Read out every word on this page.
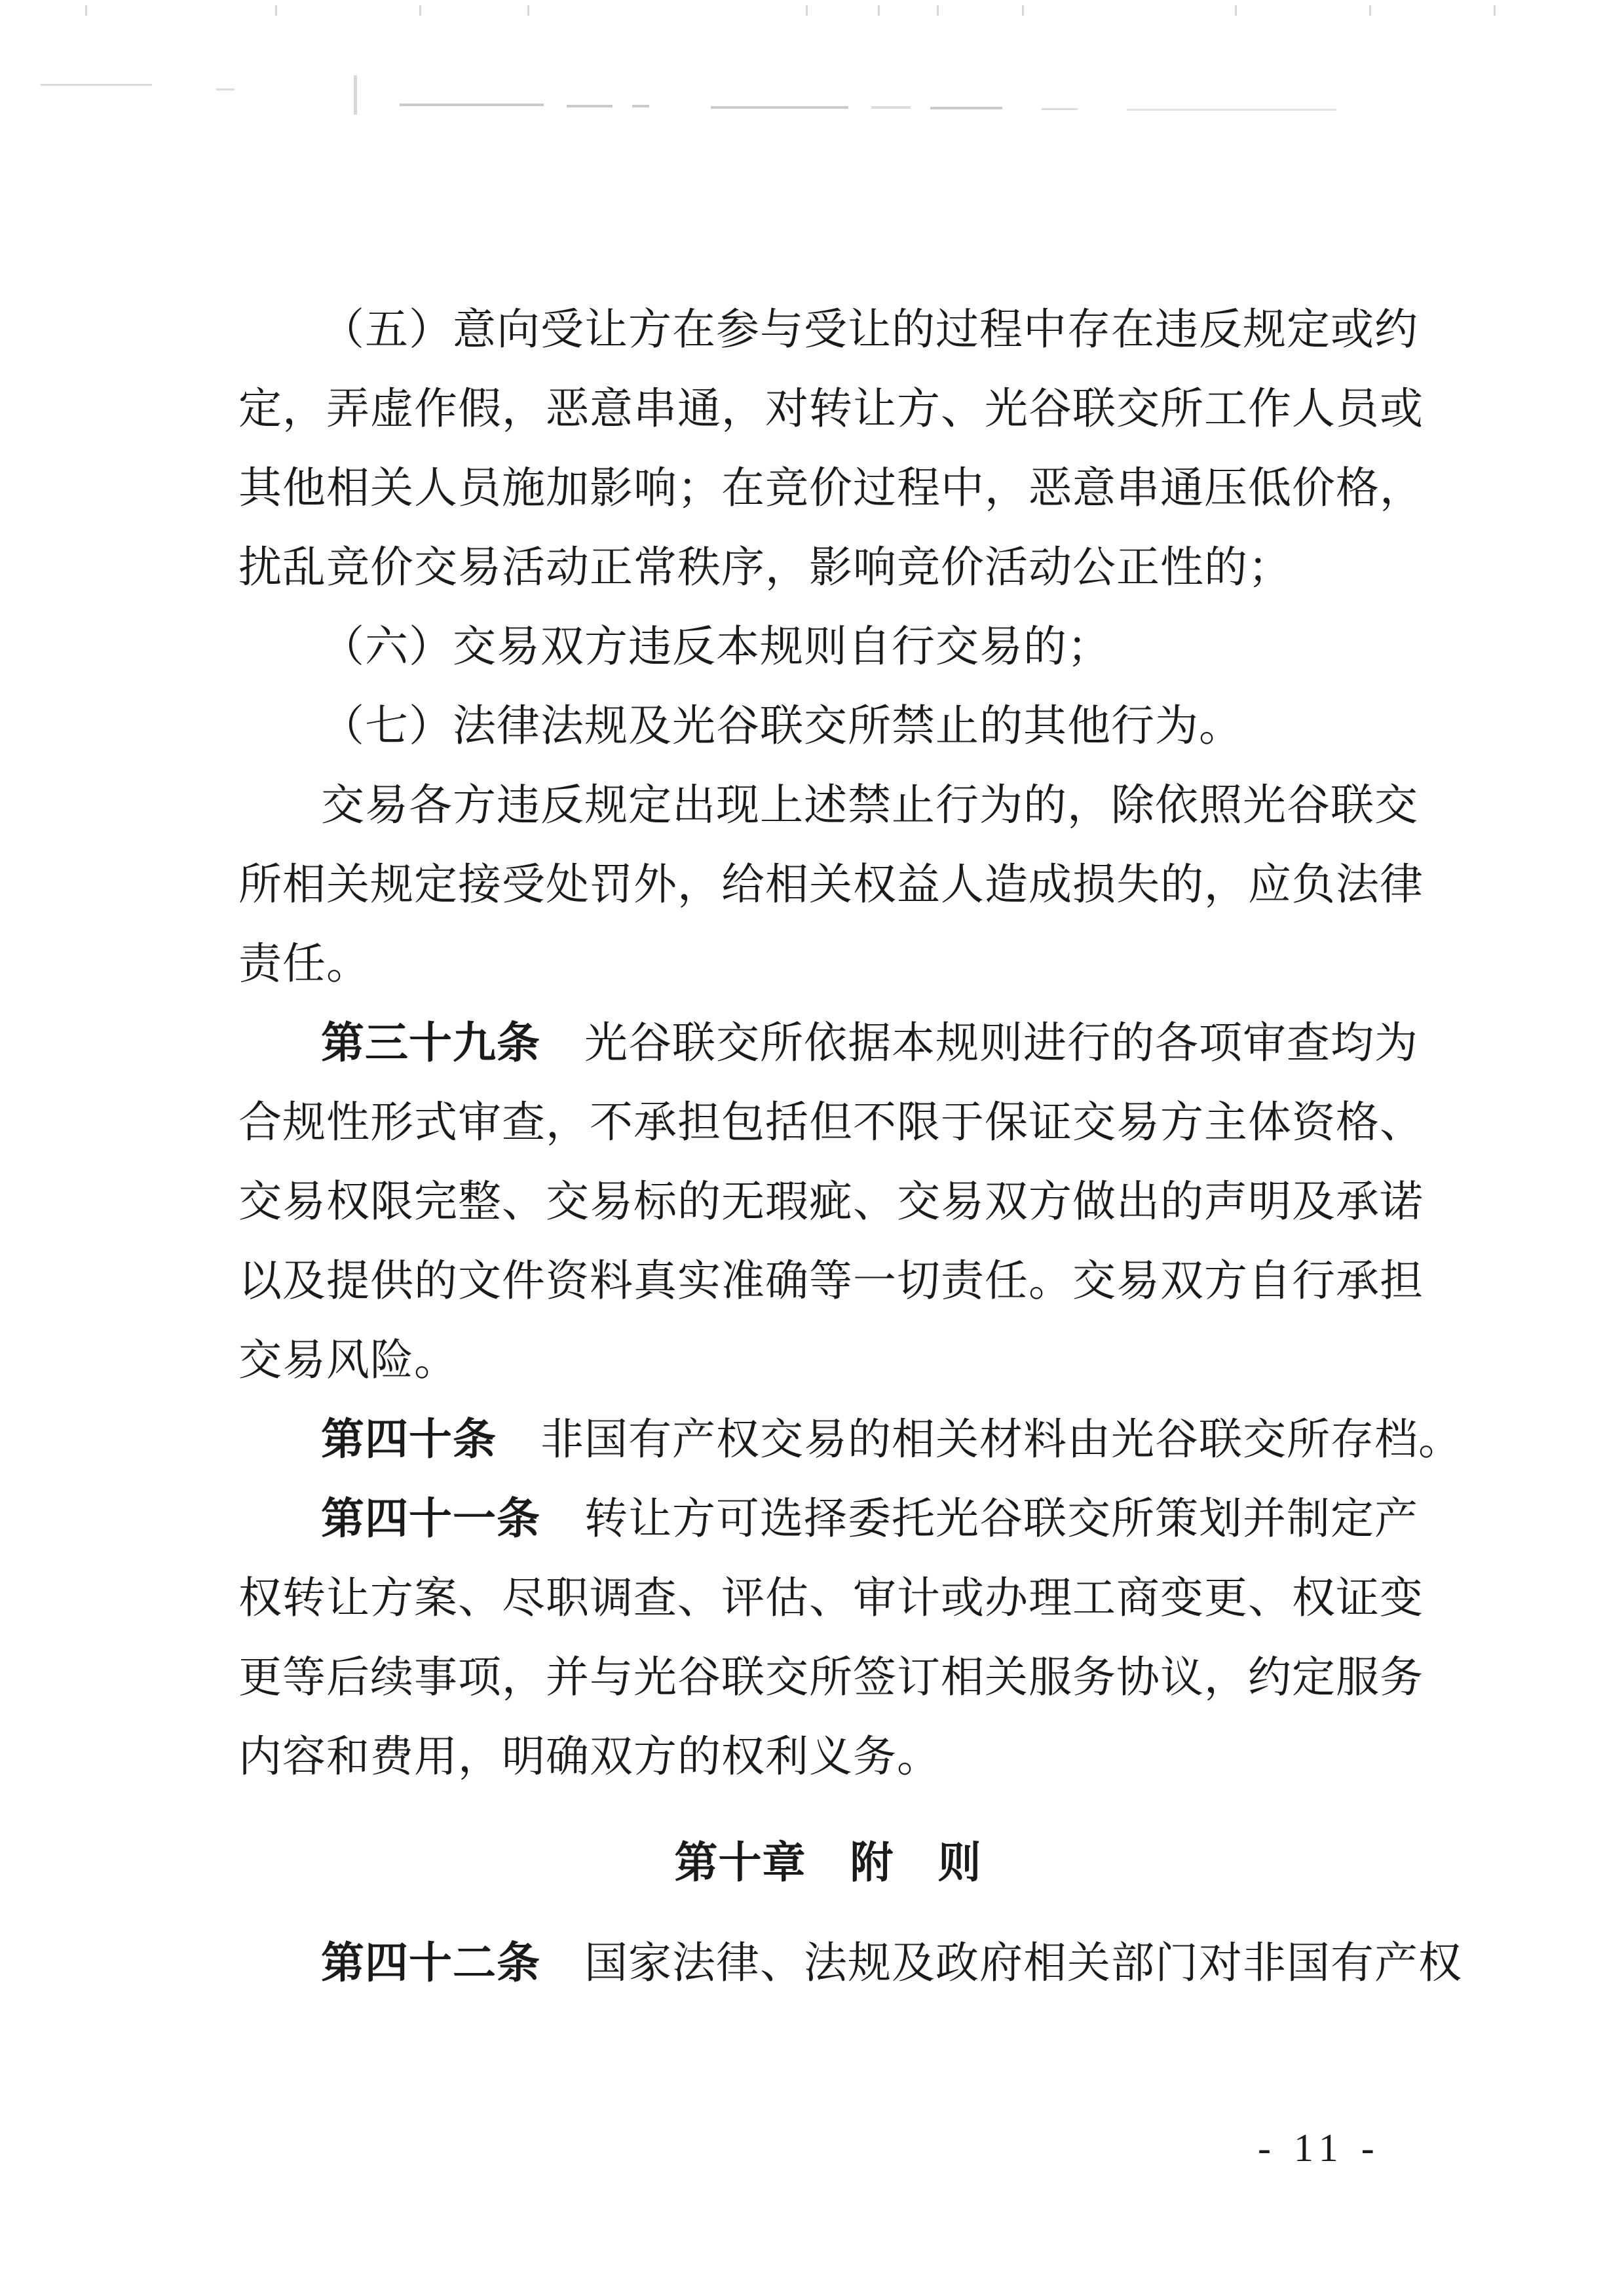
（五）意向受让方在参与受让的过程中存在违反规定或约
定，弄虚作假，恶意串通，对转让方、光谷联交所工作人员或
其他相关人员施加影响；在竞价过程中，恶意串通压低价格，
扰乱竞价交易活动正常秩序，影响竞价活动公正性的；
（六）交易双方违反本规则自行交易的；
（七）法律法规及光谷联交所禁止的其他行为。
交易各方违反规定出现上述禁止行为的，除依照光谷联交
所相关规定接受处罚外，给相关权益人造成损失的，应负法律
责任。
第三十九条　光谷联交所依据本规则进行的各项审查均为
合规性形式审查，不承担包括但不限于保证交易方主体资格、
交易权限完整、交易标的无瑕疵、交易双方做出的声明及承诺
以及提供的文件资料真实准确等一切责任。交易双方自行承担
交易风险。
第四十条　非国有产权交易的相关材料由光谷联交所存档。
第四十一条　转让方可选择委托光谷联交所策划并制定产
权转让方案、尽职调查、评估、审计或办理工商变更、权证变
更等后续事项，并与光谷联交所签订相关服务协议，约定服务
内容和费用，明确双方的权利义务。
第十章　附　则
第四十二条　国家法律、法规及政府相关部门对非国有产权
- 11 -
